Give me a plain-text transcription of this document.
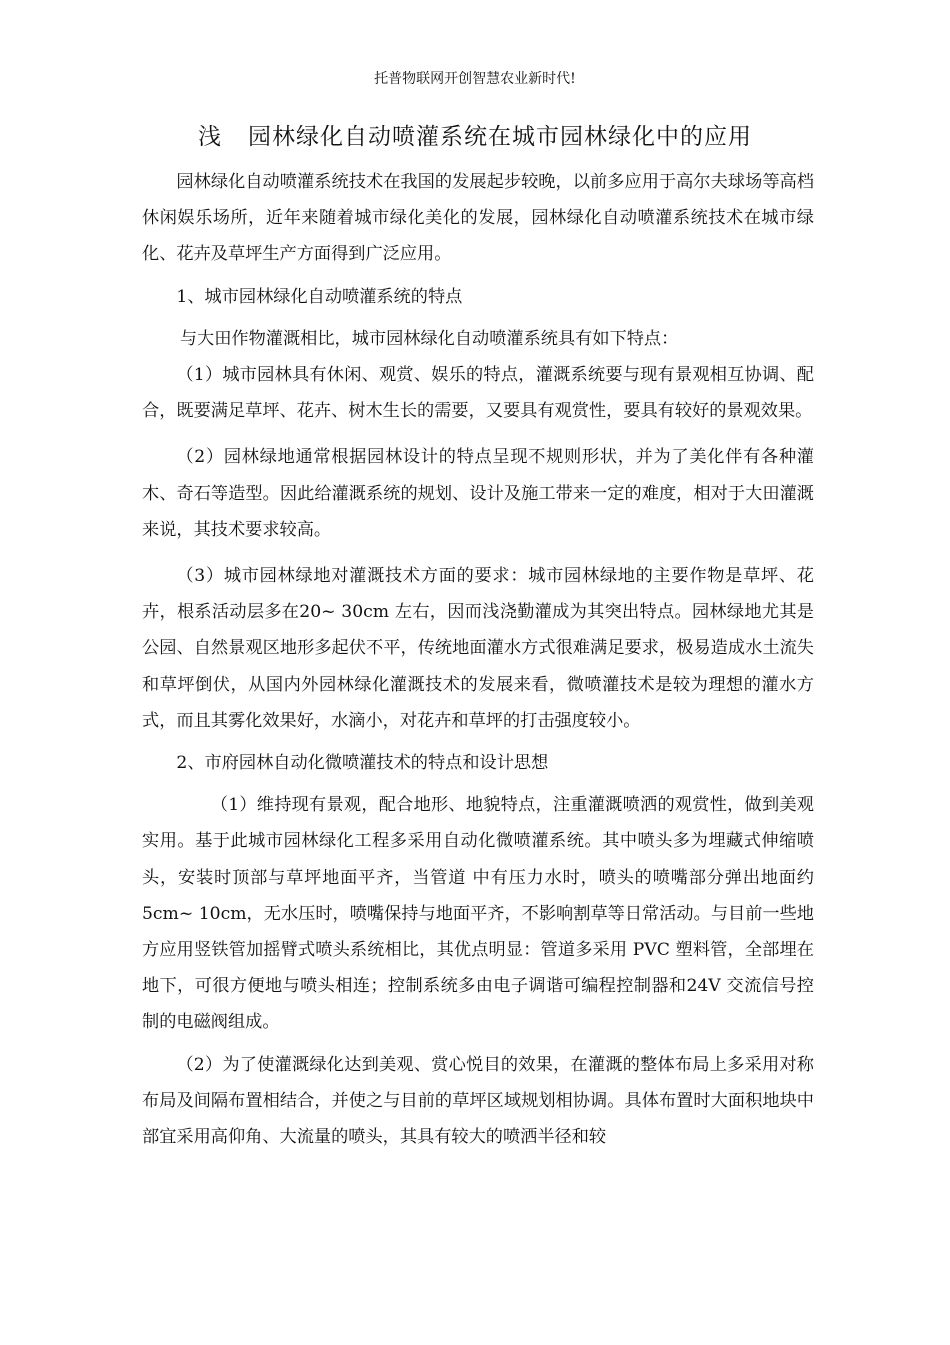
托普物联网开创智慧农业新时代!
浅 园林绿化自动喷灌系统在城市园林绿化中的应用

园林绿化自动喷灌系统技术在我国的发展起步较晚，以前多应用于高尔夫球场等高档休闲娱乐场所，近年来随着城市绿化美化的发展，园林绿化自动喷灌系统技术在城市绿化、花卉及草坪生产方面得到广泛应用。

1、城市园林绿化自动喷灌系统的特点

与大田作物灌溉相比，城市园林绿化自动喷灌系统具有如下特点：

（1）城市园林具有休闲、观赏、娱乐的特点，灌溉系统要与现有景观相互协调、配合，既要满足草坪、花卉、树木生长的需要，又要具有观赏性，要具有较好的景观效果。

（2）园林绿地通常根据园林设计的特点呈现不规则形状，并为了美化伴有各种灌木、奇石等造型。因此给灌溉系统的规划、设计及施工带来一定的难度，相对于大田灌溉来说，其技术要求较高。

（3）城市园林绿地对灌溉技术方面的要求：城市园林绿地的主要作物是草坪、花卉，根系活动层多在20~ 30cm 左右，因而浅浇勤灌成为其突出特点。园林绿地尤其是公园、自然景观区地形多起伏不平，传统地面灌水方式很难满足要求，极易造成水土流失和草坪倒伏，从国内外园林绿化灌溉技术的发展来看，微喷灌技术是较为理想的灌水方式，而且其雾化效果好，水滴小，对花卉和草坪的打击强度较小。

2、市府园林自动化微喷灌技术的特点和设计思想

（1）维持现有景观，配合地形、地貌特点，注重灌溉喷洒的观赏性，做到美观实用。基于此城市园林绿化工程多采用自动化微喷灌系统。其中喷头多为埋藏式伸缩喷头，安装时顶部与草坪地面平齐，当管道 中有压力水时，喷头的喷嘴部分弹出地面约5cm~ 10cm，无水压时，喷嘴保持与地面平齐，不影响割草等日常活动。与目前一些地方应用竖铁管加摇臂式喷头系统相比，其优点明显：管道多采用 PVC 塑料管，全部埋在地下，可很方便地与喷头相连；控制系统多由电子调谐可编程控制器和24V 交流信号控制的电磁阀组成。

（2）为了使灌溉绿化达到美观、赏心悦目的效果，在灌溉的整体布局上多采用对称布局及间隔布置相结合，并使之与目前的草坪区域规划相协调。具体布置时大面积地块中部宜采用高仰角、大流量的喷头，其具有较大的喷洒半径和较
